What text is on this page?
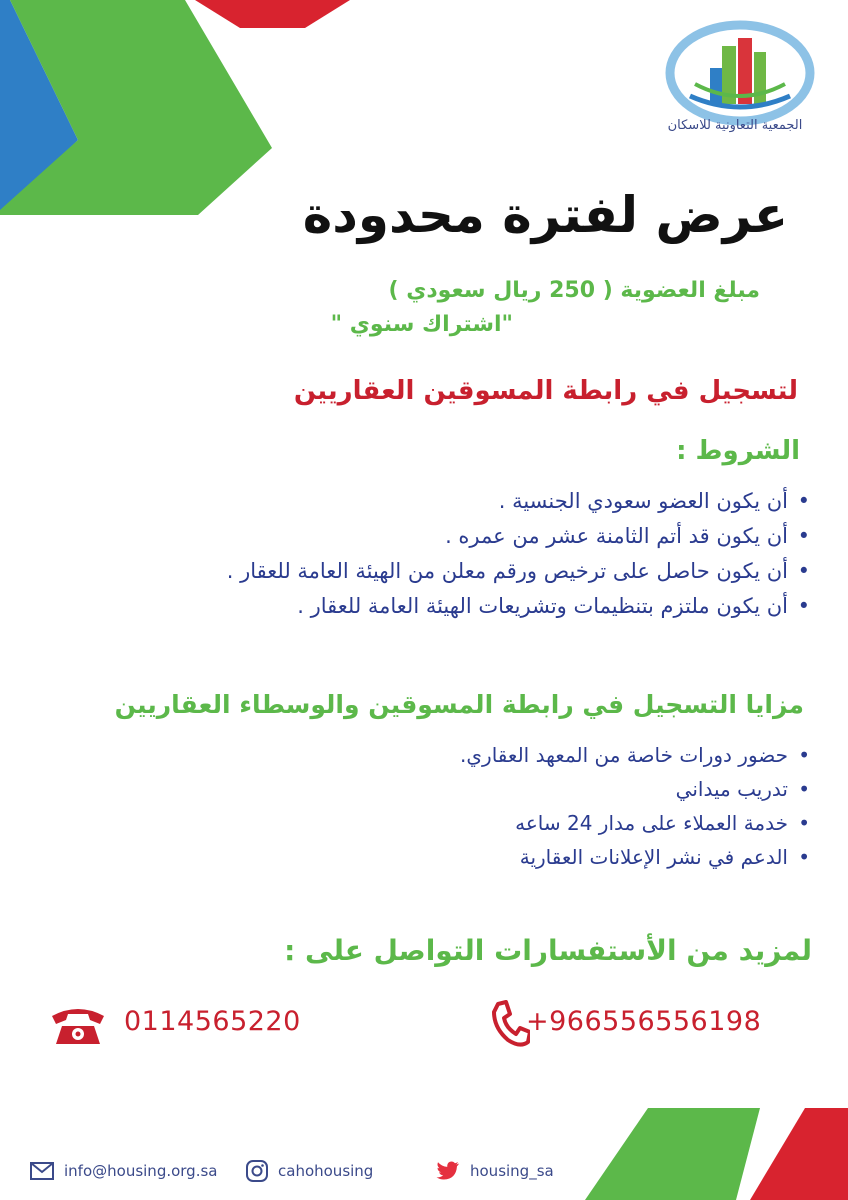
الجمعية التعاونية للاسكان
عرض لفترة محدودة
مبلغ العضوية ( 250 ريال سعودي )
"اشتراك سنوي "
لتسجيل في رابطة المسوقين العقاريين
الشروط :
• أن يكون العضو سعودي الجنسية .
• أن يكون قد أتم الثامنة عشر من عمره .
• أن يكون حاصل على ترخيص ورقم معلن من الهيئة العامة للعقار .
• أن يكون ملتزم بتنظيمات وتشريعات الهيئة العامة للعقار .
مزايا التسجيل في رابطة المسوقين والوسطاء العقاريين
• حضور دورات خاصة من المعهد العقاري.
• تدريب ميداني
• خدمة العملاء على مدار 24 ساعه
• الدعم في نشر الإعلانات العقارية
لمزيد من الأستفسارات التواصل على :
+966556556198
0114565220
info@housing.org.sa	cahohousing	housing_sa
